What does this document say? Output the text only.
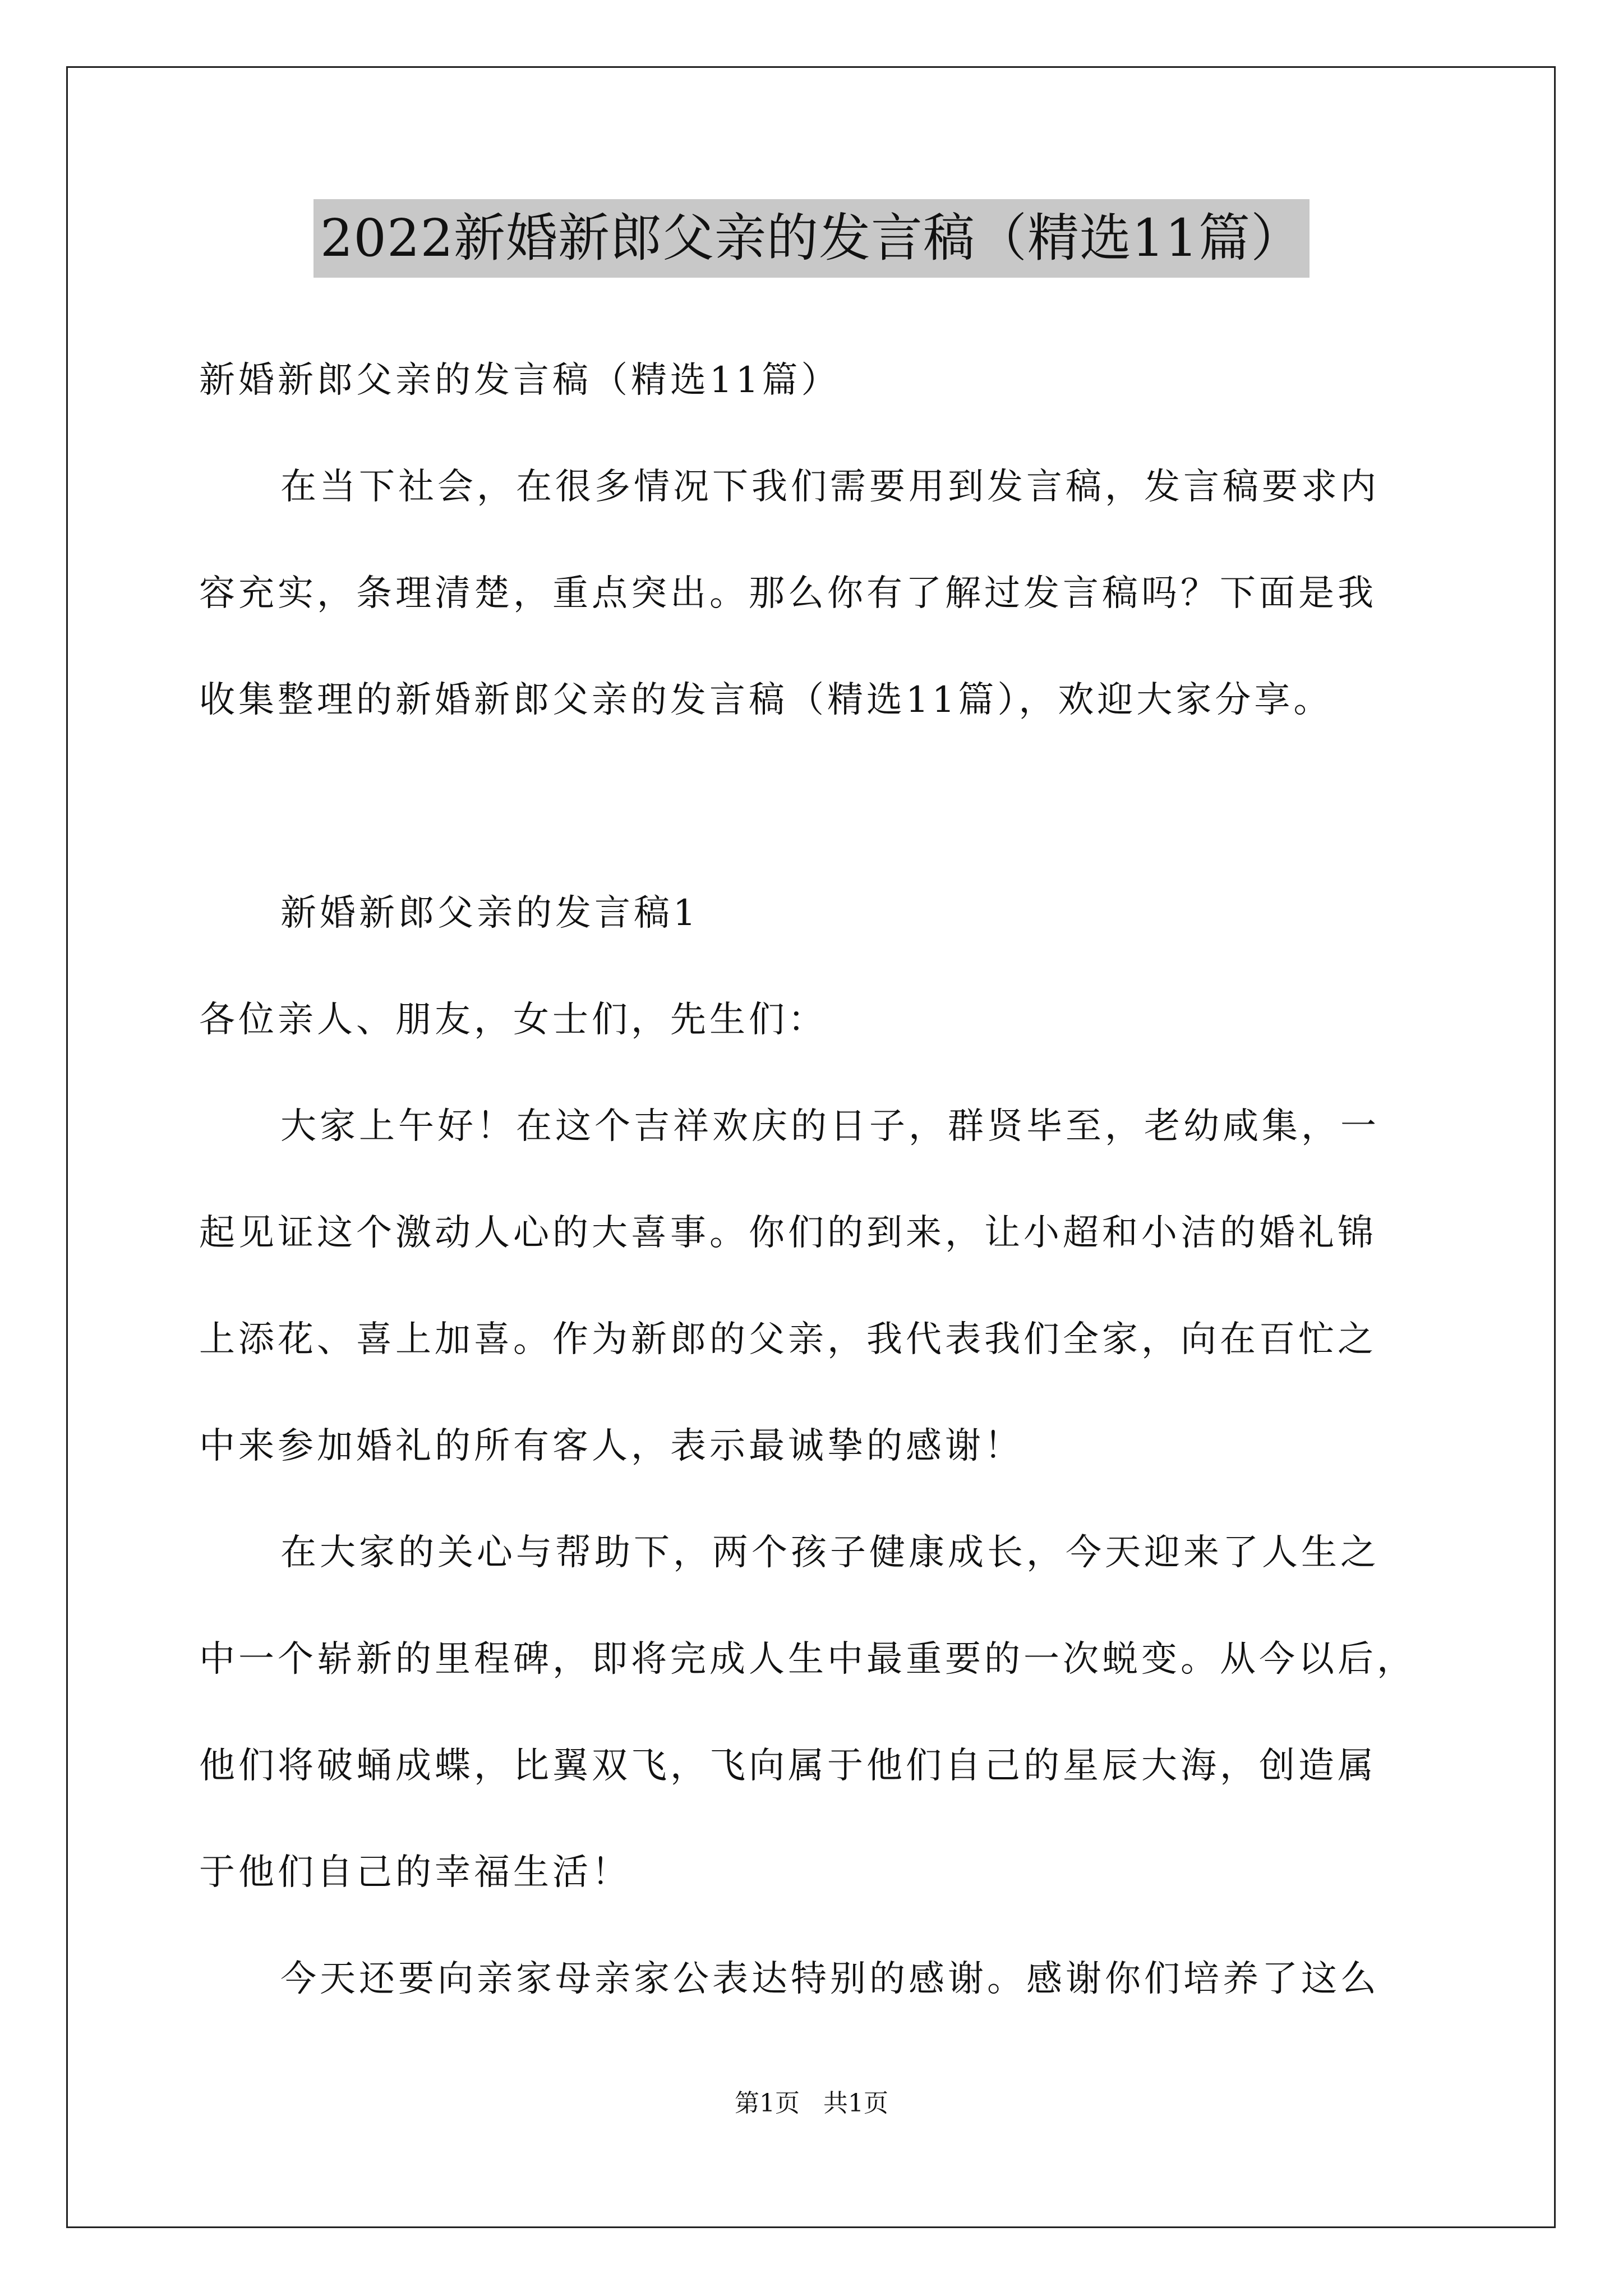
2022新婚新郎父亲的发言稿（精选11篇）
新婚新郎父亲的发言稿（精选11篇）
在当下社会，在很多情况下我们需要用到发言稿，发言稿要求内
容充实，条理清楚，重点突出。那么你有了解过发言稿吗？下面是我
收集整理的新婚新郎父亲的发言稿（精选11篇），欢迎大家分享。
新婚新郎父亲的发言稿1
各位亲人、朋友，女士们，先生们：
大家上午好！在这个吉祥欢庆的日子，群贤毕至，老幼咸集，一
起见证这个激动人心的大喜事。你们的到来，让小超和小洁的婚礼锦
上添花、喜上加喜。作为新郎的父亲，我代表我们全家，向在百忙之
中来参加婚礼的所有客人，表示最诚挚的感谢！
在大家的关心与帮助下，两个孩子健康成长，今天迎来了人生之
中一个崭新的里程碑，即将完成人生中最重要的一次蜕变。从今以后，
他们将破蛹成蝶，比翼双飞，飞向属于他们自己的星辰大海，创造属
于他们自己的幸福生活！
今天还要向亲家母亲家公表达特别的感谢。感谢你们培养了这么
第1页   共1页
